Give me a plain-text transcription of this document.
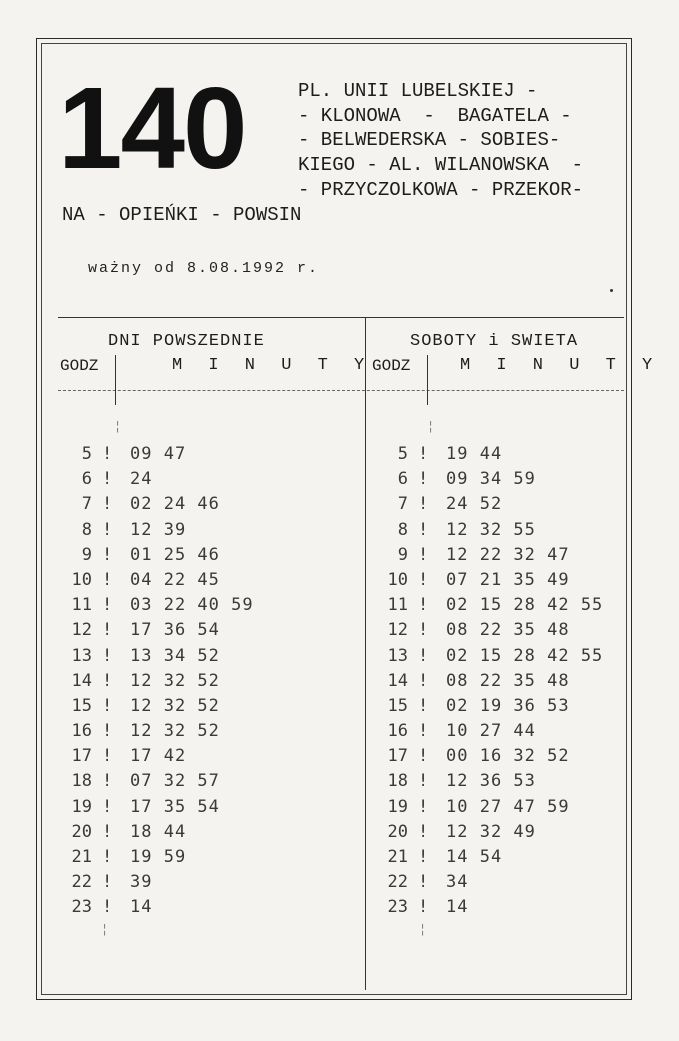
140	PL. UNII LUBELSKIEJ -
- KLONOWA  -  BAGATELA -
- BELWEDERSKA - SOBIES-
KIEGO - AL. WILANOWSKA  -
- PRZYCZOLKOWA - PRZEKOR-
NA - OPIEŃKI - POWSIN
ważny od 8.08.1992 r.
DNI POWSZEDNIE
GODZ	M I N U T Y
SOBOTY i SWIETA
GODZ	M I N U T Y
¦	¦
¦	¦
5 ! 09 47
6 ! 24
7 ! 02 24 46
8 ! 12 39
9 ! 01 25 46
10 ! 04 22 45
11 ! 03 22 40 59
12 ! 17 36 54
13 ! 13 34 52
14 ! 12 32 52
15 ! 12 32 52
16 ! 12 32 52
17 ! 17 42
18 ! 07 32 57
19 ! 17 35 54
20 ! 18 44
21 ! 19 59
22 ! 39
23 ! 14
5 ! 19 44
6 ! 09 34 59
7 ! 24 52
8 ! 12 32 55
9 ! 12 22 32 47
10 ! 07 21 35 49
11 ! 02 15 28 42 55
12 ! 08 22 35 48
13 ! 02 15 28 42 55
14 ! 08 22 35 48
15 ! 02 19 36 53
16 ! 10 27 44
17 ! 00 16 32 52
18 ! 12 36 53
19 ! 10 27 47 59
20 ! 12 32 49
21 ! 14 54
22 ! 34
23 ! 14
